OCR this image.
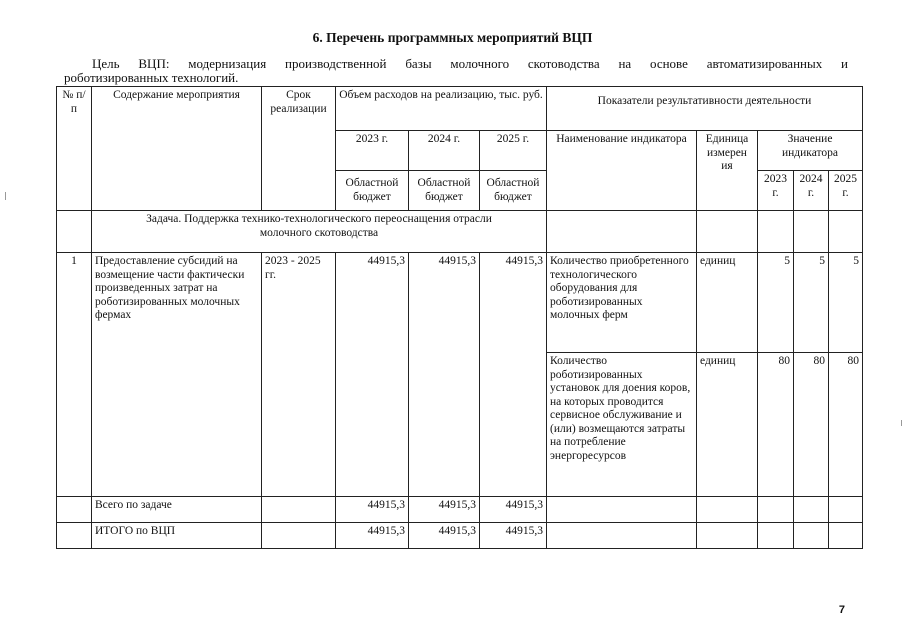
6. Перечень программных мероприятий ВЦП
Цель ВЦП: модернизация производственной базы молочного скотоводства на основе автоматизированных и
роботизированных технологий.
№ п/п	Содержание мероприятия	Срок реализации	Объем расходов на реализацию, тыс. руб.			Показатели результативности деятельности				
			2023 г.	2024 г.	2025 г.	Наименование индикатора	Единица измерен ия	Значение индикатора		
			Областной бюджет	Областной бюджет	Областной бюджет			2023 г.	2024 г.	2025 г.
	Задача. Поддержка технико-технологического переоснащения отрасли молочного скотоводства									
1	Предоставление субсидий на возмещение части фактически произведенных затрат на роботизированных молочных фермах	2023 - 2025 гг.	44915,3	44915,3	44915,3	Количество приобретенного технологического оборудования для роботизированных молочных ферм	единиц	5	5	5
						Количество роботизированных установок для доения коров, на которых проводится сервисное обслуживание и (или) возмещаются затраты на потребление энергоресурсов	единиц	80	80	80
	Всего по задаче		44915,3	44915,3	44915,3					
	ИТОГО по ВЦП		44915,3	44915,3	44915,3					
7
